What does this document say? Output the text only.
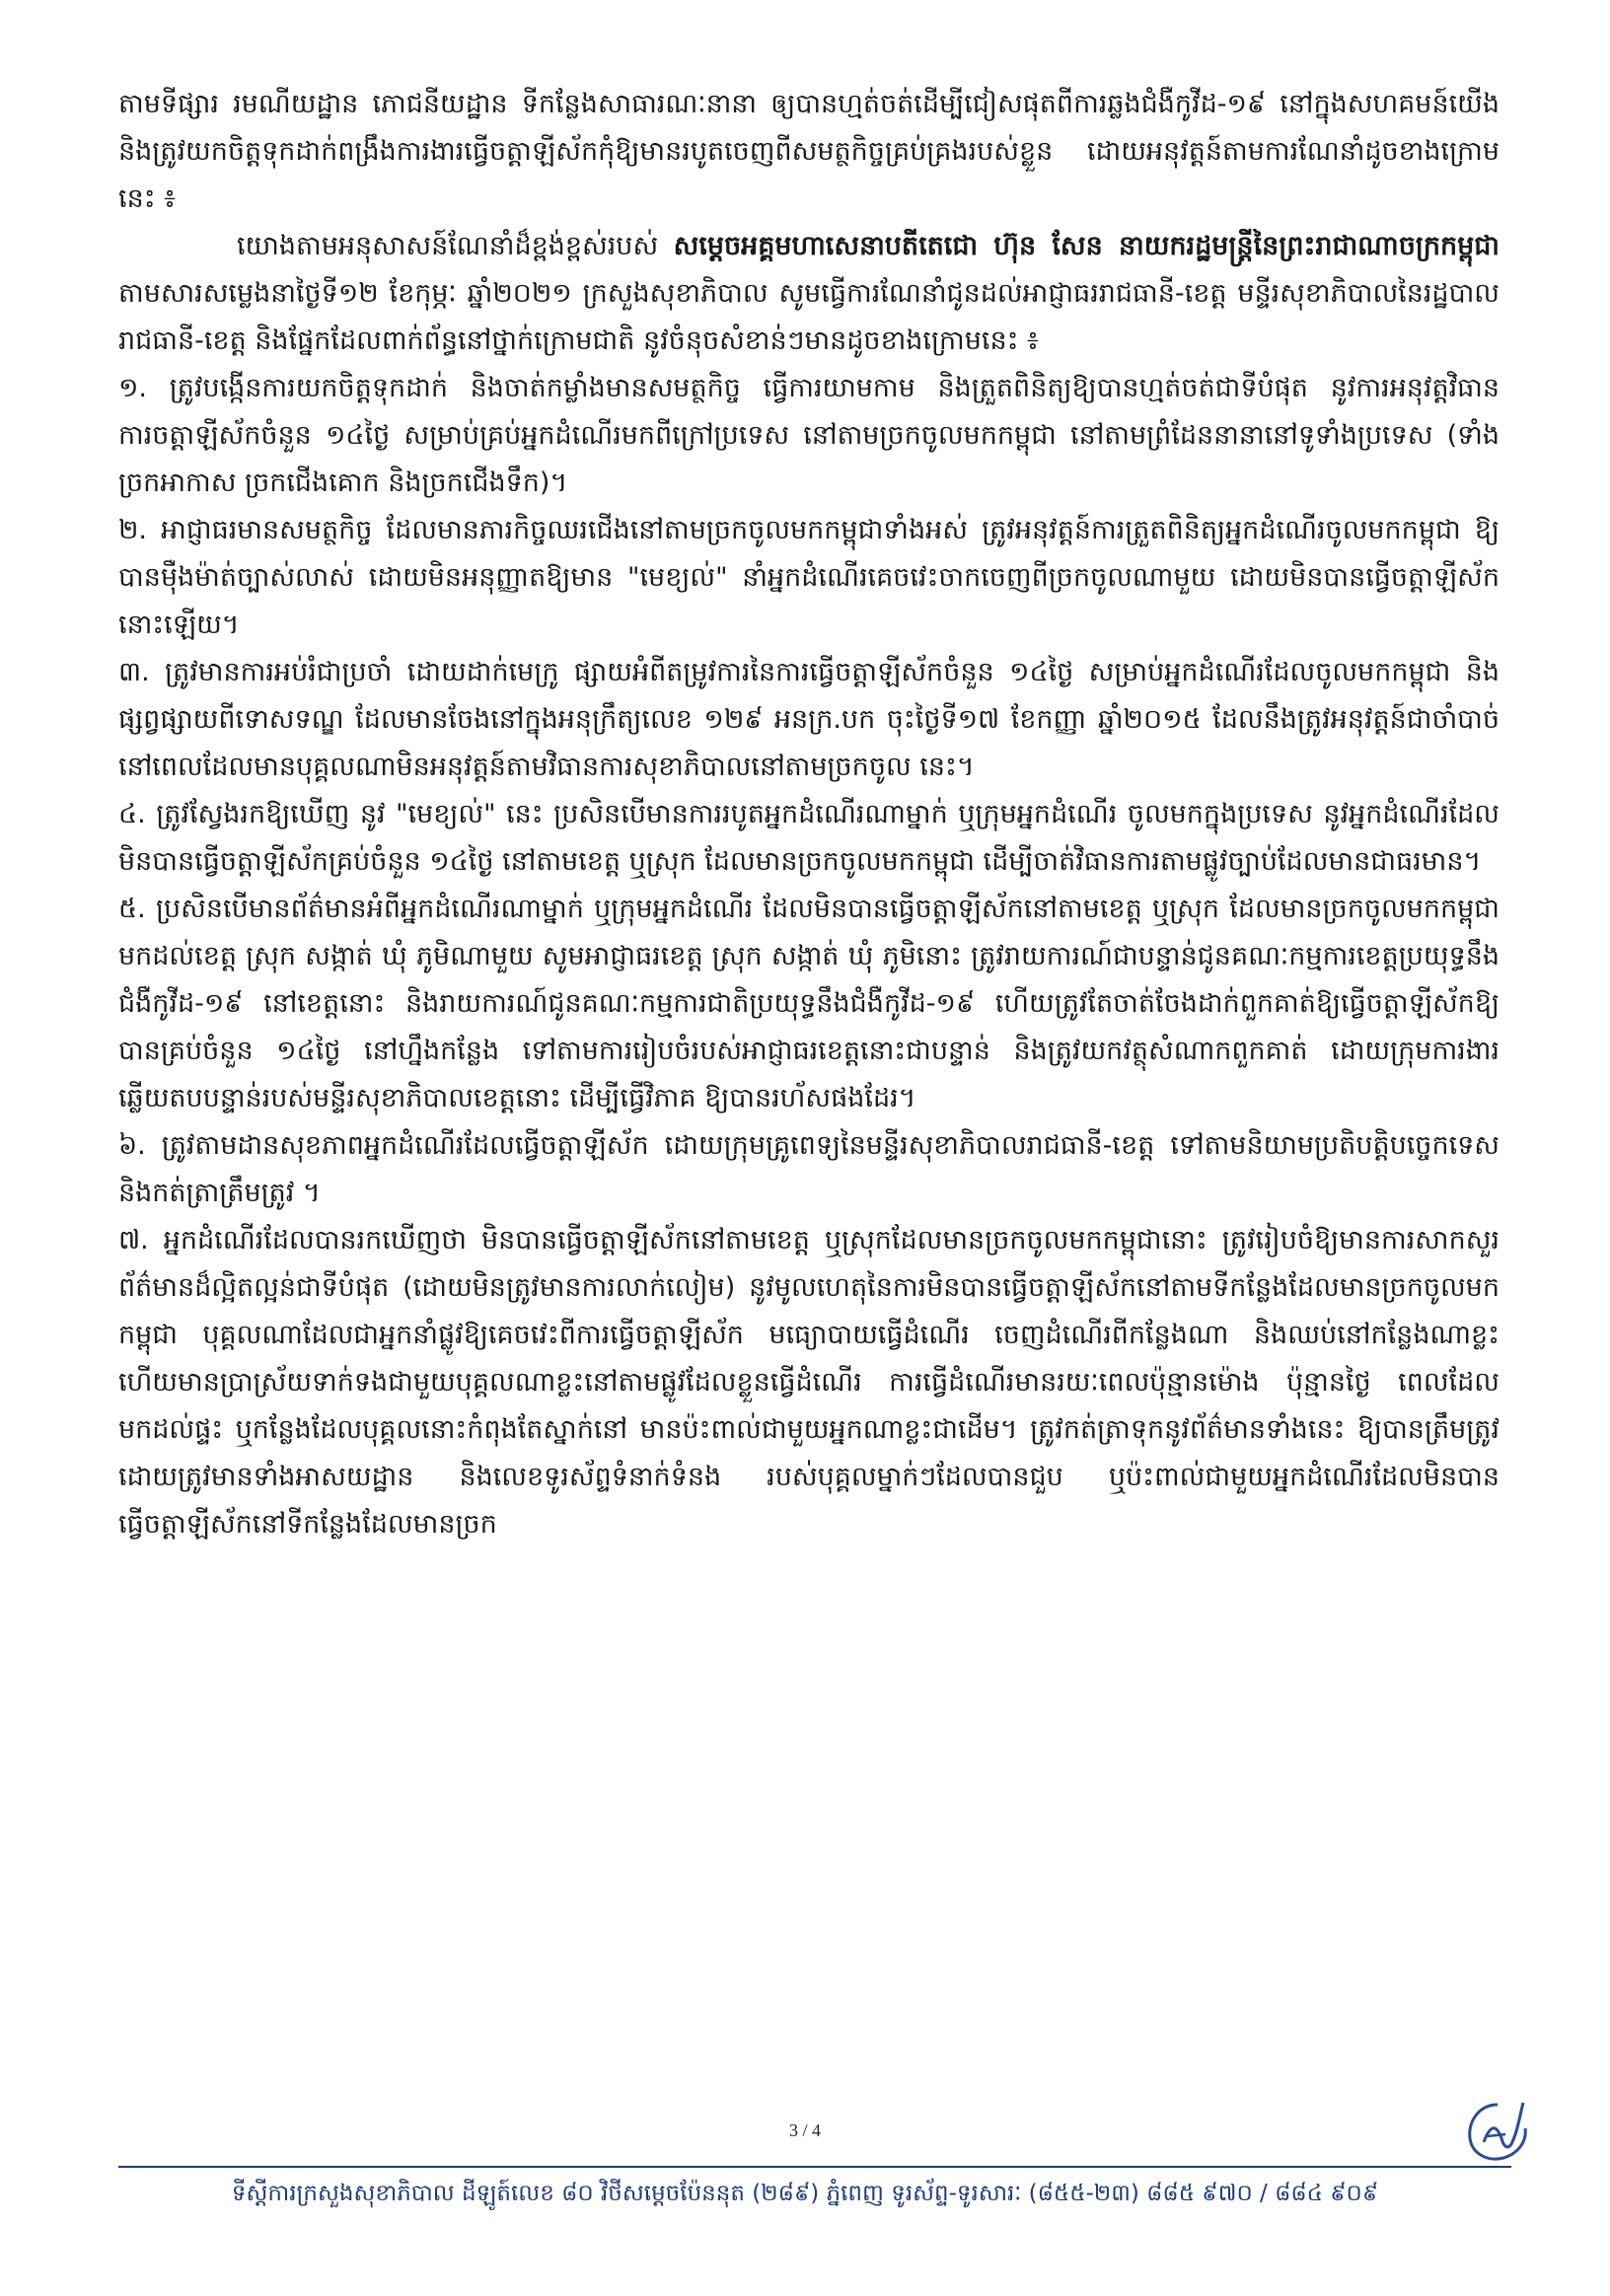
តាមទីផ្សារ រមណីយដ្ឋាន ភោជនីយដ្ឋាន ទីកន្លែងសាធារណៈនានា ឲ្យបានហ្មត់ចត់ដើម្បីជៀសផុតពីការឆ្លងជំងឺកូវីដ-១៩ នៅក្នុងសហគមន៍យើង និងត្រូវយកចិត្តទុកដាក់ពង្រឹងការងារធ្វើចត្តាឡីស័កកុំឱ្យមានរបូតចេញពីសមត្ថកិច្ចគ្រប់គ្រងរបស់ខ្លួន ដោយអនុវត្តន៍តាមការណែនាំដូចខាងក្រោមនេះ ៖

យោងតាមអនុសាសន៍ណែនាំដ៏ខ្ពង់ខ្ពស់របស់ សម្តេចអគ្គមហាសេនាបតីតេជោ ហ៊ុន សែន នាយករដ្ឋមន្ត្រីនៃព្រះរាជាណាចក្រកម្ពុជា តាមសារសម្លេងនាថ្ងៃទី១២ ខែកុម្ភៈ ឆ្នាំ២០២១ ក្រសួងសុខាភិបាល សូមធ្វើការណែនាំជូនដល់អាជ្ញាធររាជធានី-ខេត្ត មន្ទីរសុខាភិបាលនៃរដ្ឋបាលរាជធានី-ខេត្ត និងផ្នែកដែលពាក់ព័ន្ធនៅថ្នាក់ក្រោមជាតិ នូវចំនុចសំខាន់ៗមានដូចខាងក្រោមនេះ ៖

១. ត្រូវបង្កើនការយកចិត្តទុកដាក់ និងចាត់កម្លាំងមានសមត្ថកិច្ច ធ្វើការយាមកាម និងត្រួតពិនិត្យឱ្យបានហ្មត់ចត់ជាទីបំផុត នូវការអនុវត្តវិធានការចត្តាឡីស័កចំនួន ១៤ថ្ងៃ សម្រាប់គ្រប់អ្នកដំណើរមកពីក្រៅប្រទេស នៅតាមច្រកចូលមកកម្ពុជា នៅតាមព្រំដែននានានៅទូទាំងប្រទេស (ទាំងច្រកអាកាស ច្រកជើងគោក និងច្រកជើងទឹក)។

២. អាជ្ញាធរមានសមត្ថកិច្ច ដែលមានភារកិច្ចឈរជើងនៅតាមច្រកចូលមកកម្ពុជាទាំងអស់ ត្រូវអនុវត្តន៍ការត្រួតពិនិត្យអ្នកដំណើរចូលមកកម្ពុជា ឱ្យបានម៉ឺងម៉ាត់ច្បាស់លាស់ ដោយមិនអនុញ្ញាតឱ្យមាន "មេខ្យល់" នាំអ្នកដំណើរគេចវេះចាកចេញពីច្រកចូលណាមួយ ដោយមិនបានធ្វើចត្តាឡីស័កនោះឡើយ។

៣. ត្រូវមានការអប់រំជាប្រចាំ ដោយដាក់មេក្រូ ផ្សាយអំពីតម្រូវការនៃការធ្វើចត្តាឡីស័កចំនួន ១៤ថ្ងៃ សម្រាប់អ្នកដំណើរដែលចូលមកកម្ពុជា និងផ្សព្វផ្សាយពីទោសទណ្ឌ ដែលមានចែងនៅក្នុងអនុក្រឹត្យលេខ ១២៩ អនក្រ.បក ចុះថ្ងៃទី១៧ ខែកញ្ញា ឆ្នាំ២០១៥ ដែលនឹងត្រូវអនុវត្តន៍ជាចាំបាច់ នៅពេលដែលមានបុគ្គលណាមិនអនុវត្តន៍តាមវិធានការសុខាភិបាលនៅតាមច្រកចូល នេះ។

៤. ត្រូវស្វែងរកឱ្យឃើញ នូវ "មេខ្យល់" នេះ ប្រសិនបើមានការរបូតអ្នកដំណើរណាម្នាក់ ឬក្រុមអ្នកដំណើរ ចូលមកក្នុងប្រទេស នូវអ្នកដំណើរដែលមិនបានធ្វើចត្តាឡីស័កគ្រប់ចំនួន ១៤ថ្ងៃ នៅតាមខេត្ត ឬស្រុក ដែលមានច្រកចូលមកកម្ពុជា ដើម្បីចាត់វិធានការតាមផ្លូវច្បាប់ដែលមានជាធរមាន។

៥. ប្រសិនបើមានព័ត៌មានអំពីអ្នកដំណើរណាម្នាក់ ឬក្រុមអ្នកដំណើរ ដែលមិនបានធ្វើចត្តាឡីស័កនៅតាមខេត្ត ឬស្រុក ដែលមានច្រកចូលមកកម្ពុជា មកដល់ខេត្ត ស្រុក សង្កាត់ ឃុំ ភូមិណាមួយ សូមអាជ្ញាធរខេត្ត ស្រុក សង្កាត់ ឃុំ ភូមិនោះ ត្រូវរាយការណ៍ជាបន្ទាន់ជូនគណៈកម្មការខេត្តប្រយុទ្ធនឹងជំងឺកូវីដ-១៩ នៅខេត្តនោះ និងរាយការណ៍ជូនគណៈកម្មការជាតិប្រយុទ្ធនឹងជំងឺកូវីដ-១៩ ហើយត្រូវតែចាត់ចែងដាក់ពួកគាត់ឱ្យធ្វើចត្តាឡីស័កឱ្យបានគ្រប់ចំនួន ១៤ថ្ងៃ នៅហ្នឹងកន្លែង ទៅតាមការរៀបចំរបស់អាជ្ញាធរខេត្តនោះជាបន្ទាន់ និងត្រូវយកវត្ថុសំណាកពួកគាត់ ដោយក្រុមការងារឆ្លើយតបបន្ទាន់របស់មន្ទីរសុខាភិបាលខេត្តនោះ ដើម្បីធ្វើវិភាគ ឱ្យបានរហ័សផងដែរ។

៦. ត្រូវតាមដានសុខភាពអ្នកដំណើរដែលធ្វើចត្តាឡីស័ក ដោយក្រុមគ្រូពេទ្យនៃមន្ទីរសុខាភិបាលរាជធានី-ខេត្ត ទៅតាមនិយាមប្រតិបត្តិបច្ចេកទេស និងកត់ត្រាត្រឹមត្រូវ ។

៧. អ្នកដំណើរដែលបានរកឃើញថា មិនបានធ្វើចត្តាឡីស័កនៅតាមខេត្ត ឬស្រុកដែលមានច្រកចូលមកកម្ពុជានោះ ត្រូវរៀបចំឱ្យមានការសាកសួរព័ត៌មានដ៏ល្អិតល្អន់ជាទីបំផុត (ដោយមិនត្រូវមានការលាក់លៀម) នូវមូលហេតុនៃការមិនបានធ្វើចត្តាឡីស័កនៅតាមទីកន្លែងដែលមានច្រកចូលមកកម្ពុជា បុគ្គលណាដែលជាអ្នកនាំផ្លូវឱ្យគេចវេះពីការធ្វើចត្តាឡីស័ក មធ្យោបាយធ្វើដំណើរ ចេញដំណើរពីកន្លែងណា និងឈប់នៅកន្លែងណាខ្លះ ហើយមានប្រាស្រ័យទាក់ទងជាមួយបុគ្គលណាខ្លះនៅតាមផ្លូវដែលខ្លួនធ្វើដំណើរ ការធ្វើដំណើរមានរយៈពេលប៉ុន្មានម៉ោង ប៉ុន្មានថ្ងៃ ពេលដែលមកដល់ផ្ទះ ឬកន្លែងដែលបុគ្គលនោះកំពុងតែស្នាក់នៅ មានប៉ះពាល់ជាមួយអ្នកណាខ្លះជាដើម។ ត្រូវកត់ត្រាទុកនូវព័ត៌មានទាំងនេះ ឱ្យបានត្រឹមត្រូវ ដោយត្រូវមានទាំងអាសយដ្ឋាន និងលេខទូរស័ព្ទទំនាក់ទំនង របស់បុគ្គលម្នាក់ៗដែលបានជួប ឬប៉ះពាល់ជាមួយអ្នកដំណើរដែលមិនបានធ្វើចត្តាឡីស័កនៅទីកន្លែងដែលមានច្រក

3 / 4
ទីស្តីការក្រសួងសុខាភិបាល ដីឡូត៍លេខ ៨០ វិថីសម្តេចប៉ែននុត (២៨៩) ភ្នំពេញ ទូរស័ព្ទ-ទូរសារៈ (៨៥៥-២៣) ៨៨៥ ៩៧០ / ៨៨៤ ៩០៩
